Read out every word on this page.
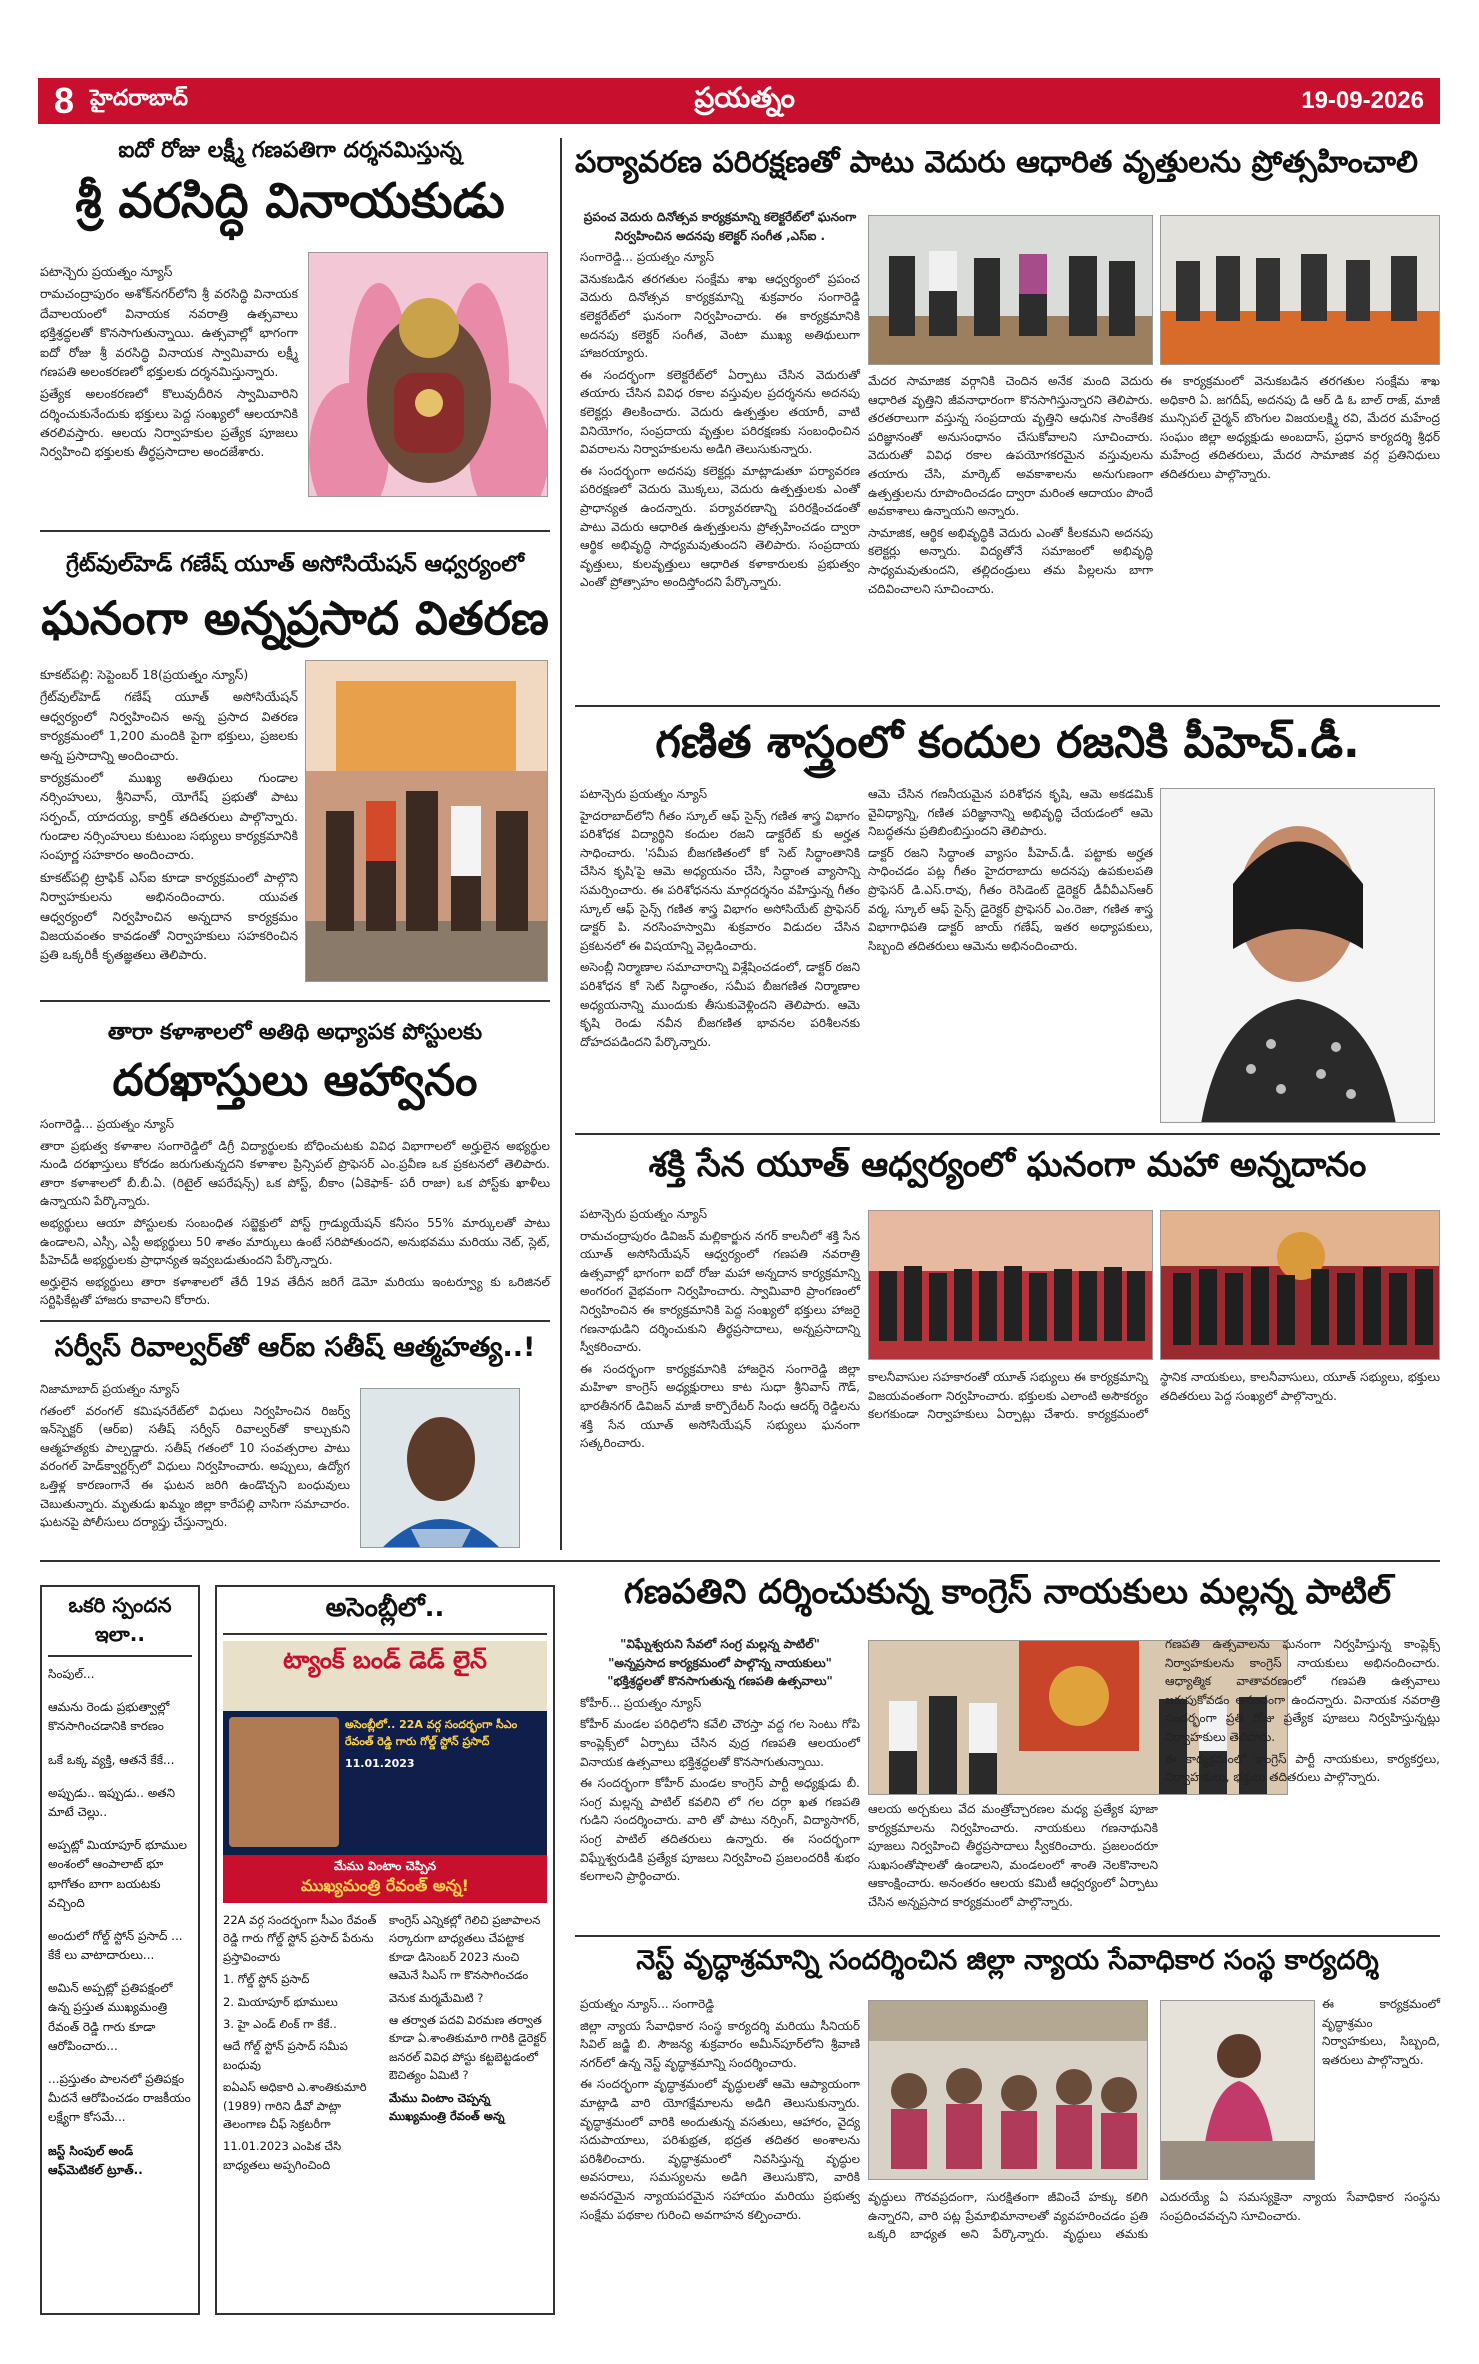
8 హైదరాబాద్	ప్రయత్నం	19-09-2026
ఐదో రోజు లక్ష్మీ గణపతిగా దర్శనమిస్తున్న
శ్రీ వరసిద్ధి వినాయకుడు

పటాన్చెరు ప్రయత్నం న్యూస్

రామచంద్రాపురం అశోక్‌నగర్‌లోని శ్రీ వరసిద్ధి వినాయక దేవాలయంలో వినాయక నవరాత్రి ఉత్సవాలు భక్తిశ్రద్ధలతో కొనసాగుతున్నాయి. ఉత్సవాల్లో భాగంగా ఐదో రోజు శ్రీ వరసిద్ధి వినాయక స్వామివారు లక్ష్మీ గణపతి అలంకరణలో భక్తులకు దర్శనమిస్తున్నారు.

ప్రత్యేక అలంకరణలో కొలువుదీరిన స్వామివారిని దర్శించుకునేందుకు భక్తులు పెద్ద సంఖ్యలో ఆలయానికి తరలివస్తారు. ఆలయ నిర్వాహకుల ప్రత్యేక పూజలు నిర్వహించి భక్తులకు తీర్థప్రసాదాల అందజేశారు.

గ్రేట్‌వుల్‌హెడ్ గణేష్ యూత్ అసోసియేషన్ ఆధ్వర్యంలో
ఘనంగా అన్నప్రసాద వితరణ

కూకట్‌పల్లి: సెప్టెంబర్ 18(ప్రయత్నం న్యూస్)

గ్రేట్‌వుల్‌హెడ్ గణేష్ యూత్ అసోసియేషన్ ఆధ్వర్యంలో నిర్వహించిన అన్న ప్రసాద వితరణ కార్యక్రమంలో 1,200 మందికి పైగా భక్తులు, ప్రజలకు అన్న ప్రసాదాన్ని అందించారు.

కార్యక్రమంలో ముఖ్య అతిథులు గుండాల నర్సింహులు, శ్రీనివాస్, యోగేష్ ప్రభుతో పాటు సర్పంచ్, యాదయ్య, కార్తిక్ తదితరులు పాల్గొన్నారు. గుండాల నర్సింహులు కుటుంబ సభ్యులు కార్యక్రమానికి సంపూర్ణ సహకారం అందించారు.

కూకట్‌పల్లి ట్రాఫిక్ ఎస్ఐ కూడా కార్యక్రమంలో పాల్గొని నిర్వాహకులను అభినందించారు. యువత ఆధ్వర్యంలో నిర్వహించిన అన్నదాన కార్యక్రమం విజయవంతం కావడంతో నిర్వాహకులు సహకరించిన ప్రతి ఒక్కరికీ కృతజ్ఞతలు తెలిపారు.

తారా కళాశాలలో అతిథి అధ్యాపక పోస్టులకు
దరఖాస్తులు ఆహ్వానం

సంగారెడ్డి... ప్రయత్నం న్యూస్

తారా ప్రభుత్వ కళాశాల సంగారెడ్డిలో డిగ్రీ విద్యార్థులకు బోధించుటకు వివిధ విభాగాలలో అర్హులైన అభ్యర్థుల నుండి దరఖాస్తులు కోరడం జరుగుతున్నదని కళాశాల ప్రిన్సిపల్ ప్రొఫెసర్ ఎం.ప్రవీణ ఒక ప్రకటనలో తెలిపారు. తారా కళాశాలలో బీ.బీ.ఏ. (రిటైల్ ఆపరేషన్స్) ఒక పోస్ట్, బీకాం (ఏకెఫాక్- పరీ రాజా) ఒక పోస్ట్‌కు ఖాళీలు ఉన్నాయని పేర్కొన్నారు.

అభ్యర్థులు ఆయా పోస్టులకు సంబంధిత సబ్జెక్టులో పోస్ట్ గ్రాడ్యుయేషన్ కనీసం 55% మార్కులతో పాటు ఉండాలని, ఎస్సీ, ఎస్టీ అభ్యర్థులు 50 శాతం మార్కులు ఉంటే సరిపోతుందని, అనుభవము మరియు నెట్, స్లెట్, పీహెచ్‌డీ అభ్యర్థులకు ప్రాధాన్యత ఇవ్వబడుతుందని పేర్కొన్నారు.

అర్హులైన అభ్యర్థులు తారా కళాశాలలో తేదీ 19వ తేదీన జరిగే డెమో మరియు ఇంటర్వ్యూ కు ఒరిజినల్ సర్టిఫికేట్లతో హాజరు కావాలని కోరారు.

సర్వీస్ రివాల్వర్‌తో ఆర్ఐ సతీష్ ఆత్మహత్య..!

నిజామాబాద్ ప్రయత్నం న్యూస్

గతంలో వరంగల్ కమిషనరేట్‌లో విధులు నిర్వహించిన రిజర్వ్ ఇన్‌స్పెక్టర్ (ఆర్ఐ) సతీష్ సర్వీస్ రివాల్వర్‌తో కాల్చుకుని ఆత్మహత్యకు పాల్పడ్డారు. సతీష్ గతంలో 10 సంవత్సరాల పాటు వరంగల్ హెడ్‌క్వార్టర్స్‌లో విధులు నిర్వహించారు. అప్పులు, ఉద్యోగ ఒత్తిళ్ల కారణంగానే ఈ ఘటన జరిగి ఉండొచ్చని బంధువులు చెబుతున్నారు. మృతుడు ఖమ్మం జిల్లా కారేపల్లి వాసిగా సమాచారం. ఘటనపై పోలీసులు దర్యాప్తు చేస్తున్నారు.

పర్యావరణ పరిరక్షణతో పాటు వెదురు ఆధారిత వృత్తులను ప్రోత్సహించాలి

ప్రపంచ వెదురు దినోత్సవ కార్యక్రమాన్ని కలెక్టరేట్‌లో ఘనంగా నిర్వహించిన అదనపు కలెక్టర్ సంగీత ,ఎస్ఐ .

సంగారెడ్డి... ప్రయత్నం న్యూస్

వెనుకబడిన తరగతుల సంక్షేమ శాఖ ఆధ్వర్యంలో ప్రపంచ వెదురు దినోత్సవ కార్యక్రమాన్ని శుక్రవారం సంగారెడ్డి కలెక్టరేట్‌లో ఘనంగా నిర్వహించారు. ఈ కార్యక్రమానికి అదనపు కలెక్టర్ సంగీత, వెంటా ముఖ్య అతిథులుగా హాజరయ్యారు.

ఈ సందర్భంగా కలెక్టరేట్‌లో ఏర్పాటు చేసిన వెదురుతో తయారు చేసిన వివిధ రకాల వస్తువుల ప్రదర్శనను అదనపు కలెక్టర్లు తిలకించారు. వెదురు ఉత్పత్తుల తయారీ, వాటి వినియోగం, సంప్రదాయ వృత్తుల పరిరక్షణకు సంబంధించిన వివరాలను నిర్వాహకులను అడిగి తెలుసుకున్నారు.

ఈ సందర్భంగా అదనపు కలెక్టర్లు మాట్లాడుతూ పర్యావరణ పరిరక్షణలో వెదురు మొక్కలు, వెదురు ఉత్పత్తులకు ఎంతో ప్రాధాన్యత ఉందన్నారు. పర్యావరణాన్ని పరిరక్షించడంతో పాటు వెదురు ఆధారిత ఉత్పత్తులను ప్రోత్సహించడం ద్వారా ఆర్థిక అభివృద్ధి సాధ్యమవుతుందని తెలిపారు. సంప్రదాయ వృత్తులు, కులవృత్తులు ఆధారిత కళాకారులకు ప్రభుత్వం ఎంతో ప్రోత్సాహం అందిస్తోందని పేర్కొన్నారు.

మేదర సామాజిక వర్గానికి చెందిన అనేక మంది వెదురు ఆధారిత వృత్తిని జీవనాధారంగా కొనసాగిస్తున్నారని తెలిపారు. తరతరాలుగా వస్తున్న సంప్రదాయ వృత్తిని ఆధునిక సాంకేతిక పరిజ్ఞానంతో అనుసంధానం చేసుకోవాలని సూచించారు. వెదురుతో వివిధ రకాల ఉపయోగకరమైన వస్తువులను తయారు చేసి, మార్కెట్ అవకాశాలను అనుగుణంగా ఉత్పత్తులను రూపొందించడం ద్వారా మరింత ఆదాయం పొందే అవకాశాలు ఉన్నాయని అన్నారు.

సామాజిక, ఆర్థిక అభివృద్ధికి వెదురు ఎంతో కీలకమని అదనపు కలెక్టర్లు అన్నారు. విద్యతోనే సమాజంలో అభివృద్ధి సాధ్యమవుతుందని, తల్లిదండ్రులు తమ పిల్లలను బాగా చదివించాలని సూచించారు.

ఈ కార్యక్రమంలో వెనుకబడిన తరగతుల సంక్షేమ శాఖ అధికారి ఏ. జగదీష్, అదనపు డి ఆర్ డి ఓ బాల్ రాజ్, మాజీ మున్సిపల్ చైర్మన్ బొంగుల విజయలక్ష్మి రవి, మేదర మహేంద్ర సంఘం జిల్లా అధ్యక్షుడు అంబదాస్, ప్రధాన కార్యదర్శి శ్రీధర్ మహేంద్ర తదితరులు, మేదర సామాజిక వర్గ ప్రతినిధులు తదితరులు పాల్గొన్నారు.

గణిత శాస్త్రంలో కందుల రజనికి పీహెచ్.డీ.

పటాన్చెరు ప్రయత్నం న్యూస్

హైదరాబాద్‌లోని గీతం స్కూల్ ఆఫ్ సైన్స్ గణిత శాస్త్ర విభాగం పరిశోధక విద్యార్థిని కందుల రజని డాక్టరేట్ కు అర్హత సాధించారు. 'సమీప బీజగణితంలో కో సెట్ సిద్ధాంతానికి చేసిన కృషి'పై ఆమె అధ్యయనం చేసి, సిద్ధాంత వ్యాసాన్ని సమర్పించారు. ఈ పరిశోధనను మార్గదర్శనం వహిస్తున్న గీతం స్కూల్ ఆఫ్ సైన్స్ గణిత శాస్త్ర విభాగం అసోసియేట్ ప్రొఫెసర్ డాక్టర్ పి. నరసింహస్వామి శుక్రవారం విడుదల చేసిన ప్రకటనలో ఈ విషయాన్ని వెల్లడించారు.

అసెంబ్లీ నిర్మాణాల సమాచారాన్ని విశ్లేషించడంలో, డాక్టర్ రజని పరిశోధన కో సెట్ సిద్ధాంతం, సమీప బీజగణిత నిర్మాణాల అధ్యయనాన్ని ముందుకు తీసుకువెళ్లిందని తెలిపారు. ఆమె కృషి రెండు నవీన బీజగణిత భావనల పరిశీలనకు దోహదపడిందని పేర్కొన్నారు.

ఆమె చేసిన గణనీయమైన పరిశోధన కృషి, ఆమె అకడమిక్ వైవిధ్యాన్ని, గణిత పరిజ్ఞానాన్ని అభివృద్ధి చేయడంలో ఆమె నిబద్ధతను ప్రతిబింబిస్తుందని తెలిపారు.

డాక్టర్ రజని సిద్ధాంత వ్యాసం పీహెచ్.డీ. పట్టాకు అర్హత సాధించడం పట్ల గీతం హైదరాబాదు అదనపు ఉపకులపతి ప్రొఫెసర్ డి.ఎస్.రావు, గీతం రెసిడెంట్ డైరెక్టర్ డీవీవీఎస్ఆర్ వర్మ, స్కూల్ ఆఫ్ సైన్స్ డైరెక్టర్ ప్రొఫెసర్ ఎం.రెజా, గణిత శాస్త్ర విభాగాధిపతి డాక్టర్ జాయ్ గణేష్, ఇతర అధ్యాపకులు, సిబ్బంది తదితరులు ఆమెను అభినందించారు.

శక్తి సేన యూత్ ఆధ్వర్యంలో ఘనంగా మహా అన్నదానం

పటాన్చెరు ప్రయత్నం న్యూస్

రామచంద్రాపురం డివిజన్ మల్లికార్జున నగర్ కాలనీలో శక్తి సేన యూత్ అసోసియేషన్ ఆధ్వర్యంలో గణపతి నవరాత్రి ఉత్సవాల్లో భాగంగా ఐదో రోజు మహా అన్నదాన కార్యక్రమాన్ని అంగరంగ వైభవంగా నిర్వహించారు. స్వామివారి ప్రాంగణంలో నిర్వహించిన ఈ కార్యక్రమానికి పెద్ద సంఖ్యలో భక్తులు హాజరై గణనాథుడిని దర్శించుకుని తీర్థప్రసాదాలు, అన్నప్రసాదాన్ని స్వీకరించారు.

ఈ సందర్భంగా కార్యక్రమానికి హాజరైన సంగారెడ్డి జిల్లా మహిళా కాంగ్రెస్ అధ్యక్షురాలు కాట సుధా శ్రీనివాస్ గౌడ్, భారతీనగర్ డివిజన్ మాజీ కార్పొరేటర్ సింధు ఆదర్శ్ రెడ్డిలను శక్తి సేన యూత్ అసోసియేషన్ సభ్యులు ఘనంగా సత్కరించారు.

కాలనీవాసుల సహకారంతో యూత్ సభ్యులు ఈ కార్యక్రమాన్ని విజయవంతంగా నిర్వహించారు. భక్తులకు ఎలాంటి అసౌకర్యం కలగకుండా నిర్వాహకులు ఏర్పాట్లు చేశారు. కార్యక్రమంలో స్థానిక నాయకులు, కాలనీవాసులు, యూత్ సభ్యులు, భక్తులు తదితరులు పెద్ద సంఖ్యలో పాల్గొన్నారు.

ఒకరి స్పందన ఇలా..
సింపుల్...
ఆమను రెండు ప్రభుత్వాల్లో కొనసాగించడానికి కారణం
ఒకే ఒక్క వ్యక్తి, ఆతనే కేకే...
అప్పుడు.. ఇప్పుడు.. అతని మాటే చెల్లు..
అప్పట్లో మియాపూర్ భూముల అంశంలో ఆంపాలాట్ భూ భాగోతం బాగా బయటకు వచ్చింది
అందులో గోల్డ్ స్టోన్ ప్రసాద్ ... కేకే లు వాటాదారులు...
అమిన్ అప్పట్లో ప్రతిపక్షంలో ఉన్న ప్రస్తుత ముఖ్యమంత్రి రేవంత్ రెడ్డి గారు కూడా ఆరోపించారు...
...ప్రస్తుతం పాలనలో ప్రతిపక్షం మీదనే ఆరోపించడం రాజకీయం లక్ష్యేగా కోసమే...
జస్ట్ సింపుల్ అండ్ ఆఫ్‌మెటికల్ ట్రూత్..
అసెంబ్లీలో..
ట్యాంక్ బండ్ డెడ్ లైన్
అసెంబ్లీలో.. 22A వర్గ సందర్భంగా సీఎం రేవంత్ రెడ్డి గారు గోల్డ్ స్టోన్ ప్రసాద్
11.01.2023
మేము వింటాం చెప్పిన
ముఖ్యమంత్రి రేవంత్ అన్న!
22A వర్గ సందర్భంగా సీఎం రేవంత్ రెడ్డి గారు గోల్డ్ స్టోన్ ప్రసాద్ పేరును ప్రస్తావించారు
1. గోల్డ్ స్టోన్ ప్రసాద్
2. మియాపూర్ భూములు
3. హై ఎండ్ లింక్ గా కేకే..
ఆదే గోల్డ్ స్టోన్ ప్రసాద్ సమీప బంధువు
ఐఏఎస్ అధికారి ఎ.శాంతికుమారి (1989) గారిని డీవో పాట్లా తెలంగాణ చీఫ్ సెక్రటరీగా
11.01.2023 ఎంపిక చేసి బాధ్యతలు అప్పగించింది
కాంగ్రెస్ ఎన్నికల్లో గెలిచి ప్రజాపాలన సర్కారుగా బాధ్యతలు చేపట్టాక కూడా డిసెంబర్ 2023 నుంచి ఆమెనే సిఎస్ గా కొనసాగించడం
వెనుక మర్మమేమిటి ?
ఆ తర్వాత పదవి విరమణ తర్వాత కూడా ఏ.శాంతికుమారి గారికి డైరెక్టర్ జనరల్ వివిధ పోస్టు కట్టబెట్టడంలో ఔచిత్యం ఏమిటి ?
మేము వింటాం చెప్పన్న ముఖ్యమంత్రి రేవంత్ అన్న
గణపతిని దర్శించుకున్న కాంగ్రెస్ నాయకులు మల్లన్న పాటిల్

"విఘ్నేశ్వరుని సేవలో సంగ్ర మల్లన్న పాటిల్"

"అన్నప్రసాద కార్యక్రమంలో పాల్గొన్న నాయకులు"

"భక్తిశ్రద్ధలతో కొనసాగుతున్న గణపతి ఉత్సవాలు"

కోహీర్... ప్రయత్నం న్యూస్

కోహీర్ మండల పరిధిలోని కవేలి చౌరస్తా వద్ద గల సెంటు గోపి కాంప్లెక్స్‌లో ఏర్పాటు చేసిన వుద్ర గణపతి ఆలయంలో వినాయక ఉత్సవాలు భక్తిశ్రద్ధలతో కొనసాగుతున్నాయి.

ఈ సందర్భంగా కోహీర్ మండల కాంగ్రెస్ పార్టీ అధ్యక్షుడు బీ. సంగ్ర మల్లన్న పాటిల్ కవలిని లో గల దర్గా ఖత గణపతి గుడిని సందర్శించారు. వారి తో పాటు నర్సింగ్, విద్యాసాగర్, సంగ్ర పాటిల్ తదితరులు ఉన్నారు. ఈ సందర్భంగా విఘ్నేశ్వరుడికి ప్రత్యేక పూజలు నిర్వహించి ప్రజలందరికీ శుభం కలగాలని ప్రార్థించారు.

ఆలయ అర్చకులు వేద మంత్రోచ్చారణల మధ్య ప్రత్యేక పూజా కార్యక్రమాలను నిర్వహించారు. నాయకులు గణనాథునికి పూజలు నిర్వహించి తీర్థప్రసాదాలు స్వీకరించారు. ప్రజలందరూ సుఖసంతోషాలతో ఉండాలని, మండలంలో శాంతి నెలకొనాలని ఆకాంక్షించారు. అనంతరం ఆలయ కమిటీ ఆధ్వర్యంలో ఏర్పాటు చేసిన అన్నప్రసాద కార్యక్రమంలో పాల్గొన్నారు.

గణపతి ఉత్సవాలను ఘనంగా నిర్వహిస్తున్న కాంప్లెక్స్ నిర్వాహకులను కాంగ్రెస్ నాయకులు అభినందించారు. ఆధ్యాత్మిక వాతావరణంలో గణపతి ఉత్సవాలు జరుపుకోవడం ఆనందంగా ఉందన్నారు. వినాయక నవరాత్రి సందర్భంగా ప్రతి రోజు ప్రత్యేక పూజలు నిర్వహిస్తున్నట్లు నిర్వాహకులు తెలిపారు.

ఈ కార్యక్రమంలో కాంగ్రెస్ పార్టీ నాయకులు, కార్యకర్తలు, నిర్వాహకులు, భక్తులు తదితరులు పాల్గొన్నారు.

నెస్ట్ వృద్ధాశ్రమాన్ని సందర్శించిన జిల్లా న్యాయ సేవాధికార సంస్థ కార్యదర్శి

ప్రయత్నం న్యూస్... సంగారెడ్డి

జిల్లా న్యాయ సేవాధికార సంస్థ కార్యదర్శి మరియు సీనియర్ సివిల్ జడ్జి బి. సౌజన్య శుక్రవారం అమీన్‌పూర్‌లోని శ్రీవాణి నగర్‌లో ఉన్న నెస్ట్ వృద్ధాశ్రమాన్ని సందర్శించారు.

ఈ సందర్భంగా వృద్ధాశ్రమంలో వృద్ధులతో ఆమె ఆప్యాయంగా మాట్లాడి వారి యోగక్షేమాలను అడిగి తెలుసుకున్నారు. వృద్ధాశ్రమంలో వారికి అందుతున్న వసతులు, ఆహారం, వైద్య సదుపాయాలు, పరిశుభ్రత, భద్రత తదితర అంశాలను పరిశీలించారు. వృద్ధాశ్రమంలో నివసిస్తున్న వృద్ధుల అవసరాలు, సమస్యలను అడిగి తెలుసుకొని, వారికి అవసరమైన న్యాయపరమైన సహాయం మరియు ప్రభుత్వ సంక్షేమ పథకాల గురించి అవగాహన కల్పించారు.

ఈ కార్యక్రమంలో వృద్ధాశ్రమం నిర్వాహకులు, సిబ్బంది, ఇతరులు పాల్గొన్నారు.

వృద్ధులు గౌరవప్రదంగా, సురక్షితంగా జీవించే హక్కు కలిగి ఉన్నారని, వారి పట్ల ప్రేమాభిమానాలతో వ్యవహరించడం ప్రతి ఒక్కరి బాధ్యత అని పేర్కొన్నారు. వృద్ధులు తమకు ఎదురయ్యే ఏ సమస్యకైనా న్యాయ సేవాధికార సంస్థను సంప్రదించవచ్చని సూచించారు.
